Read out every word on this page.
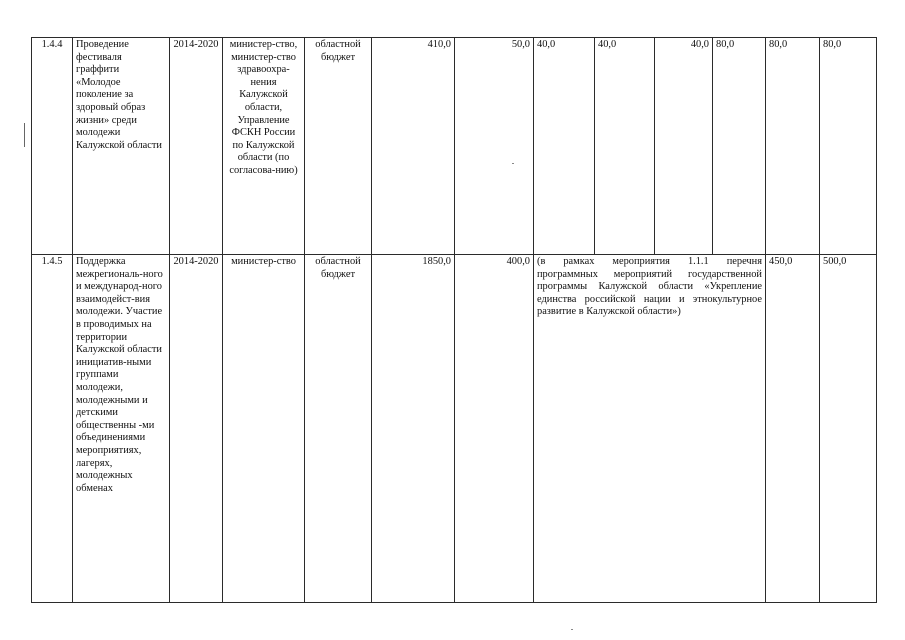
1.4.4	Проведение фестиваля граффити «Молодое поколение за здоровый образ жизни» среди молодежи Калужской области	2014-2020	министер-ство, министер-ство здравоохра-нения Калужской области, Управление ФСКН России по Калужской области (по согласова-нию)	областной бюджет	410,0	50,0	40,0	40,0	40,0	80,0	80,0	80,0	
1.4.5	Поддержка межрегиональ-ного и международ-ного взаимодейст-вия молодежи. Участие в проводимых на территории Калужской области инициатив-ными группами молодежи, молодежными и детскими общественны -ми объединениями мероприятиях, лагерях, молодежных обменах	2014-2020	министер-ство	областной бюджет	1850,0	400,0	(в рамках мероприятия 1.1.1 перечня программных мероприятий государственной программы Калужской области «Укрепление единства российской нации и этнокультурное развитие в Калужской области»)				450,0	500,0	
